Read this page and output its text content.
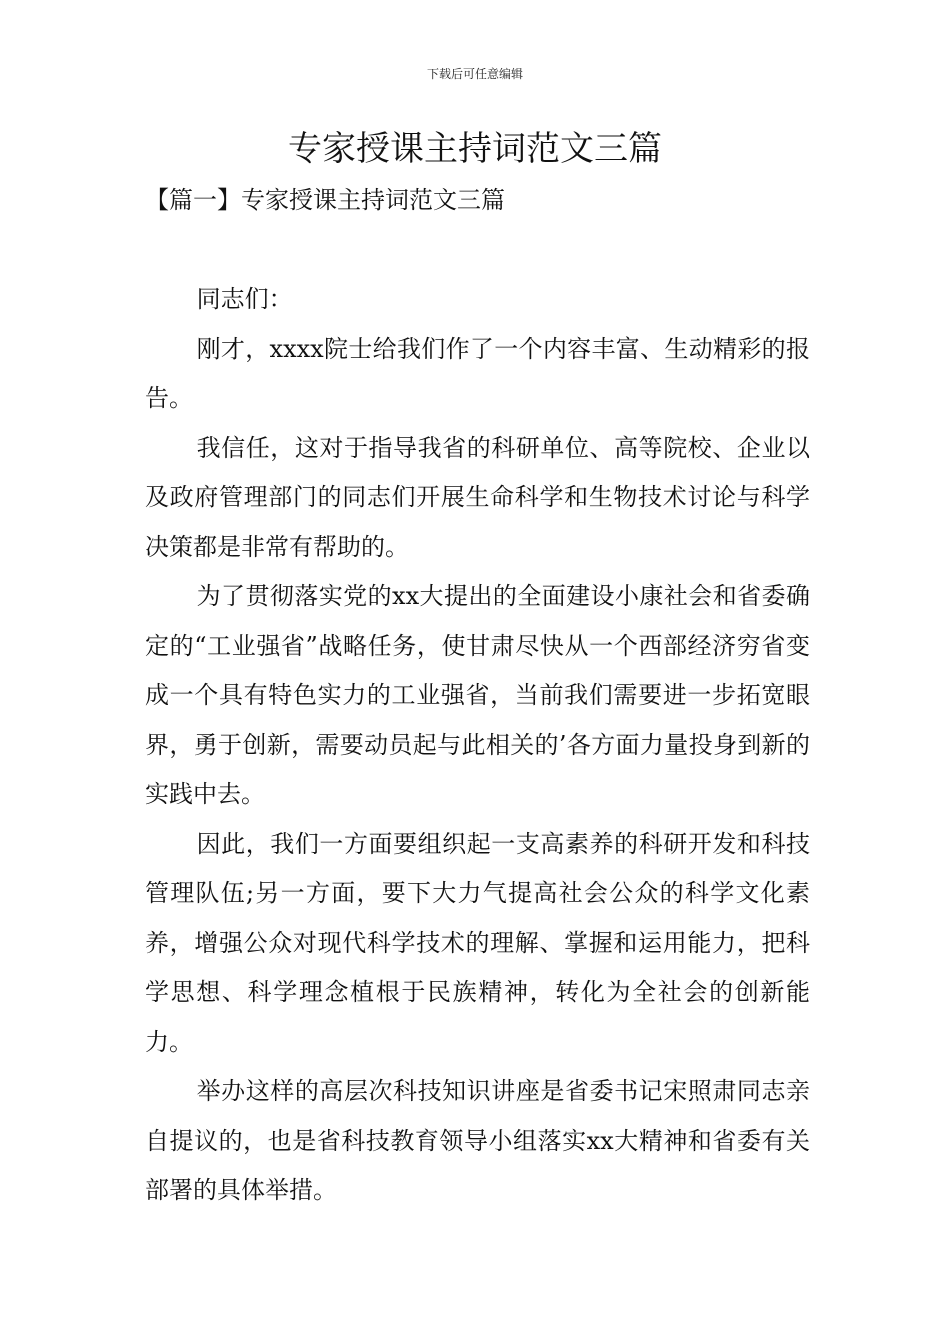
下载后可任意编辑
专家授课主持词范文三篇
【篇一】专家授课主持词范文三篇

同志们：

刚才，xxxx院士给我们作了一个内容丰富、生动精彩的报告。

我信任，这对于指导我省的科研单位、高等院校、企业以及政府管理部门的同志们开展生命科学和生物技术讨论与科学决策都是非常有帮助的。

为了贯彻落实党的xx大提出的全面建设小康社会和省委确定的“工业强省”战略任务，使甘肃尽快从一个西部经济穷省变成一个具有特色实力的工业强省，当前我们需要进一步拓宽眼界，勇于创新，需要动员起与此相关的’各方面力量投身到新的实践中去。

因此，我们一方面要组织起一支高素养的科研开发和科技管理队伍;另一方面，要下大力气提高社会公众的科学文化素养，增强公众对现代科学技术的理解、掌握和运用能力，把科学思想、科学理念植根于民族精神，转化为全社会的创新能力。

举办这样的高层次科技知识讲座是省委书记宋照肃同志亲自提议的，也是省科技教育领导小组落实xx大精神和省委有关部署的具体举措。
